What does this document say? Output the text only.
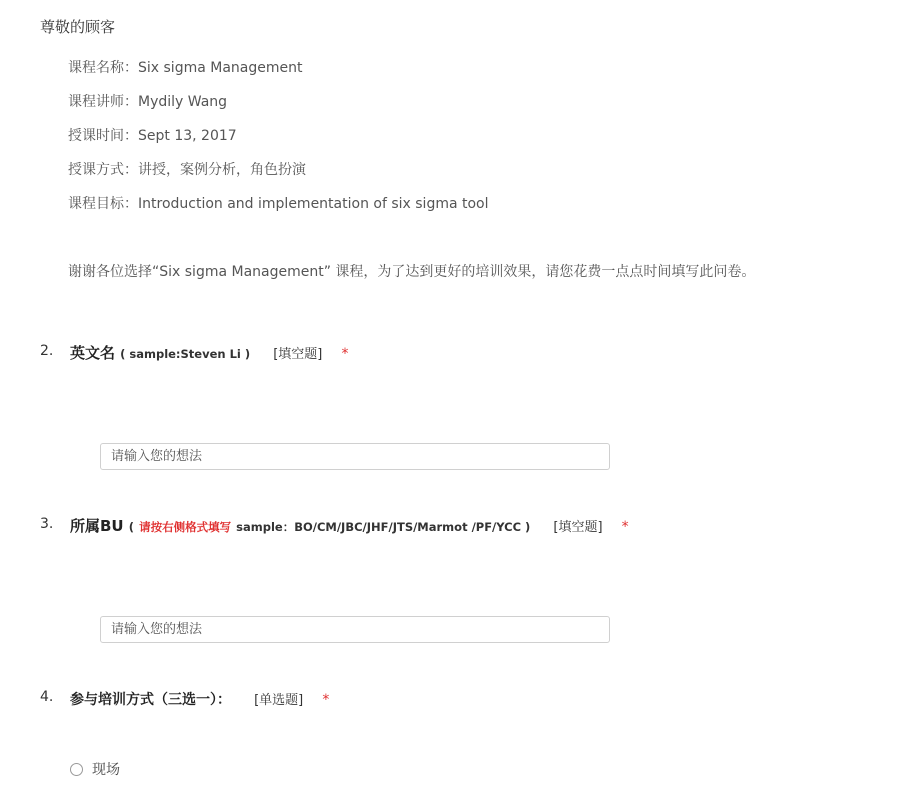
尊敬的顾客
课程名称：Six sigma Management
课程讲师：Mydily Wang
授课时间：Sept 13, 2017
授课方式：讲授，案例分析，角色扮演
课程目标：Introduction and implementation of six sigma tool
谢谢各位选择“Six sigma Management” 课程，为了达到更好的培训效果，请您花费一点点时间填写此问卷。
2. 英文名 ( sample:Steven Li ) [填空题] *
请输入您的想法
3. 所属BU ( 请按右侧格式填写 sample：BO/CM/JBC/JHF/JTS/Marmot /PF/YCC ) [填空题] *
请输入您的想法
4. 参与培训方式（三选一）： [单选题] *
现场
